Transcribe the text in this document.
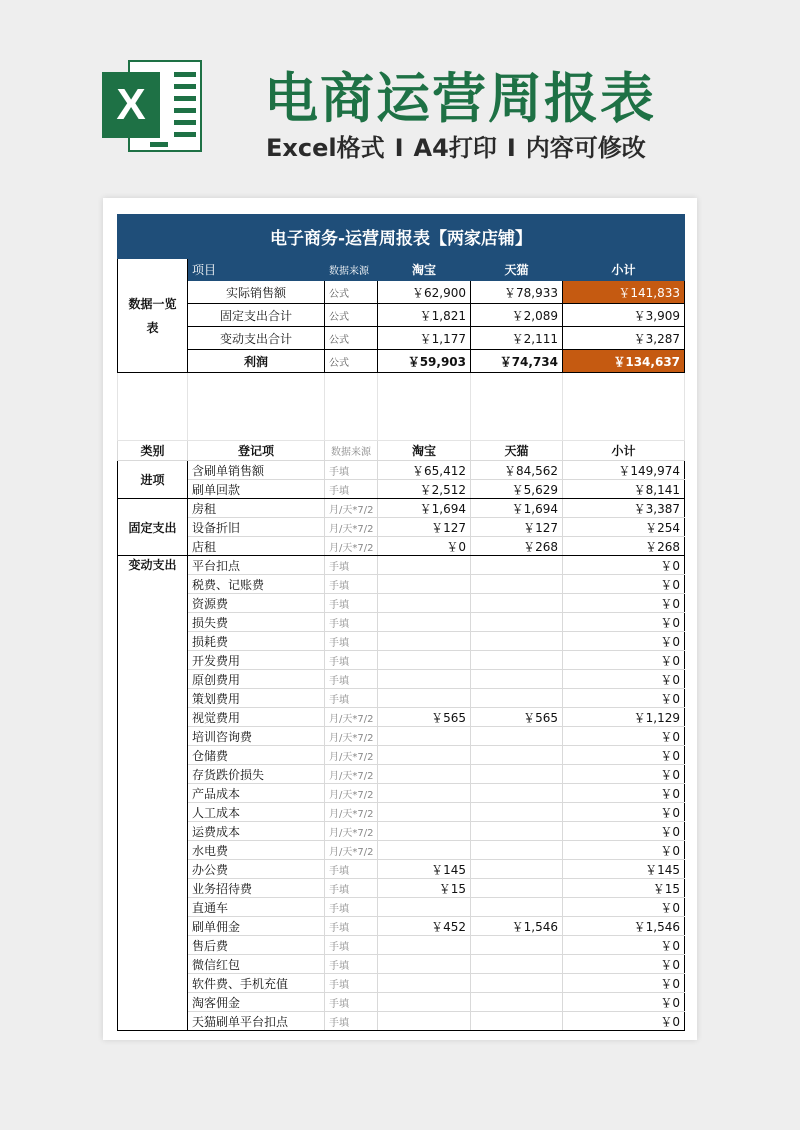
X 电商运营周报表
Excel格式 I A4打印 I 内容可修改
电子商务-运营周报表【两家店铺】					
数据一览表	项目	数据来源	淘宝	天猫	小计
	实际销售额	公式	￥62,900	￥78,933	￥141,833
	固定支出合计	公式	￥1,821	￥2,089	￥3,909
	变动支出合计	公式	￥1,177	￥2,111	￥3,287
	利润	公式	￥59,903	￥74,734	￥134,637

类别	登记项	数据来源	淘宝	天猫	小计
进项	含刷单销售额	手填	￥65,412	￥84,562	￥149,974
	刷单回款	手填	￥2,512	￥5,629	￥8,141
固定支出	房租	月/天*7/2	￥1,694	￥1,694	￥3,387
	设备折旧	月/天*7/2	￥127	￥127	￥254
	店租	月/天*7/2	￥0	￥268	￥268
变动支出	平台扣点	手填			￥0
	税费、记账费	手填			￥0
	资源费	手填			￥0
	损失费	手填			￥0
	损耗费	手填			￥0
	开发费用	手填			￥0
	原创费用	手填			￥0
	策划费用	手填			￥0
	视觉费用	月/天*7/2	￥565	￥565	￥1,129
	培训咨询费	月/天*7/2			￥0
	仓储费	月/天*7/2			￥0
	存货跌价损失	月/天*7/2			￥0
	产品成本	月/天*7/2			￥0
	人工成本	月/天*7/2			￥0
	运费成本	月/天*7/2			￥0
	水电费	月/天*7/2			￥0
	办公费	手填	￥145		￥145
	业务招待费	手填	￥15		￥15
	直通车	手填			￥0
	刷单佣金	手填	￥452	￥1,546	￥1,546
	售后费	手填			￥0
	微信红包	手填			￥0
	软件费、手机充值	手填			￥0
	淘客佣金	手填			￥0
	天猫刷单平台扣点	手填			￥0
